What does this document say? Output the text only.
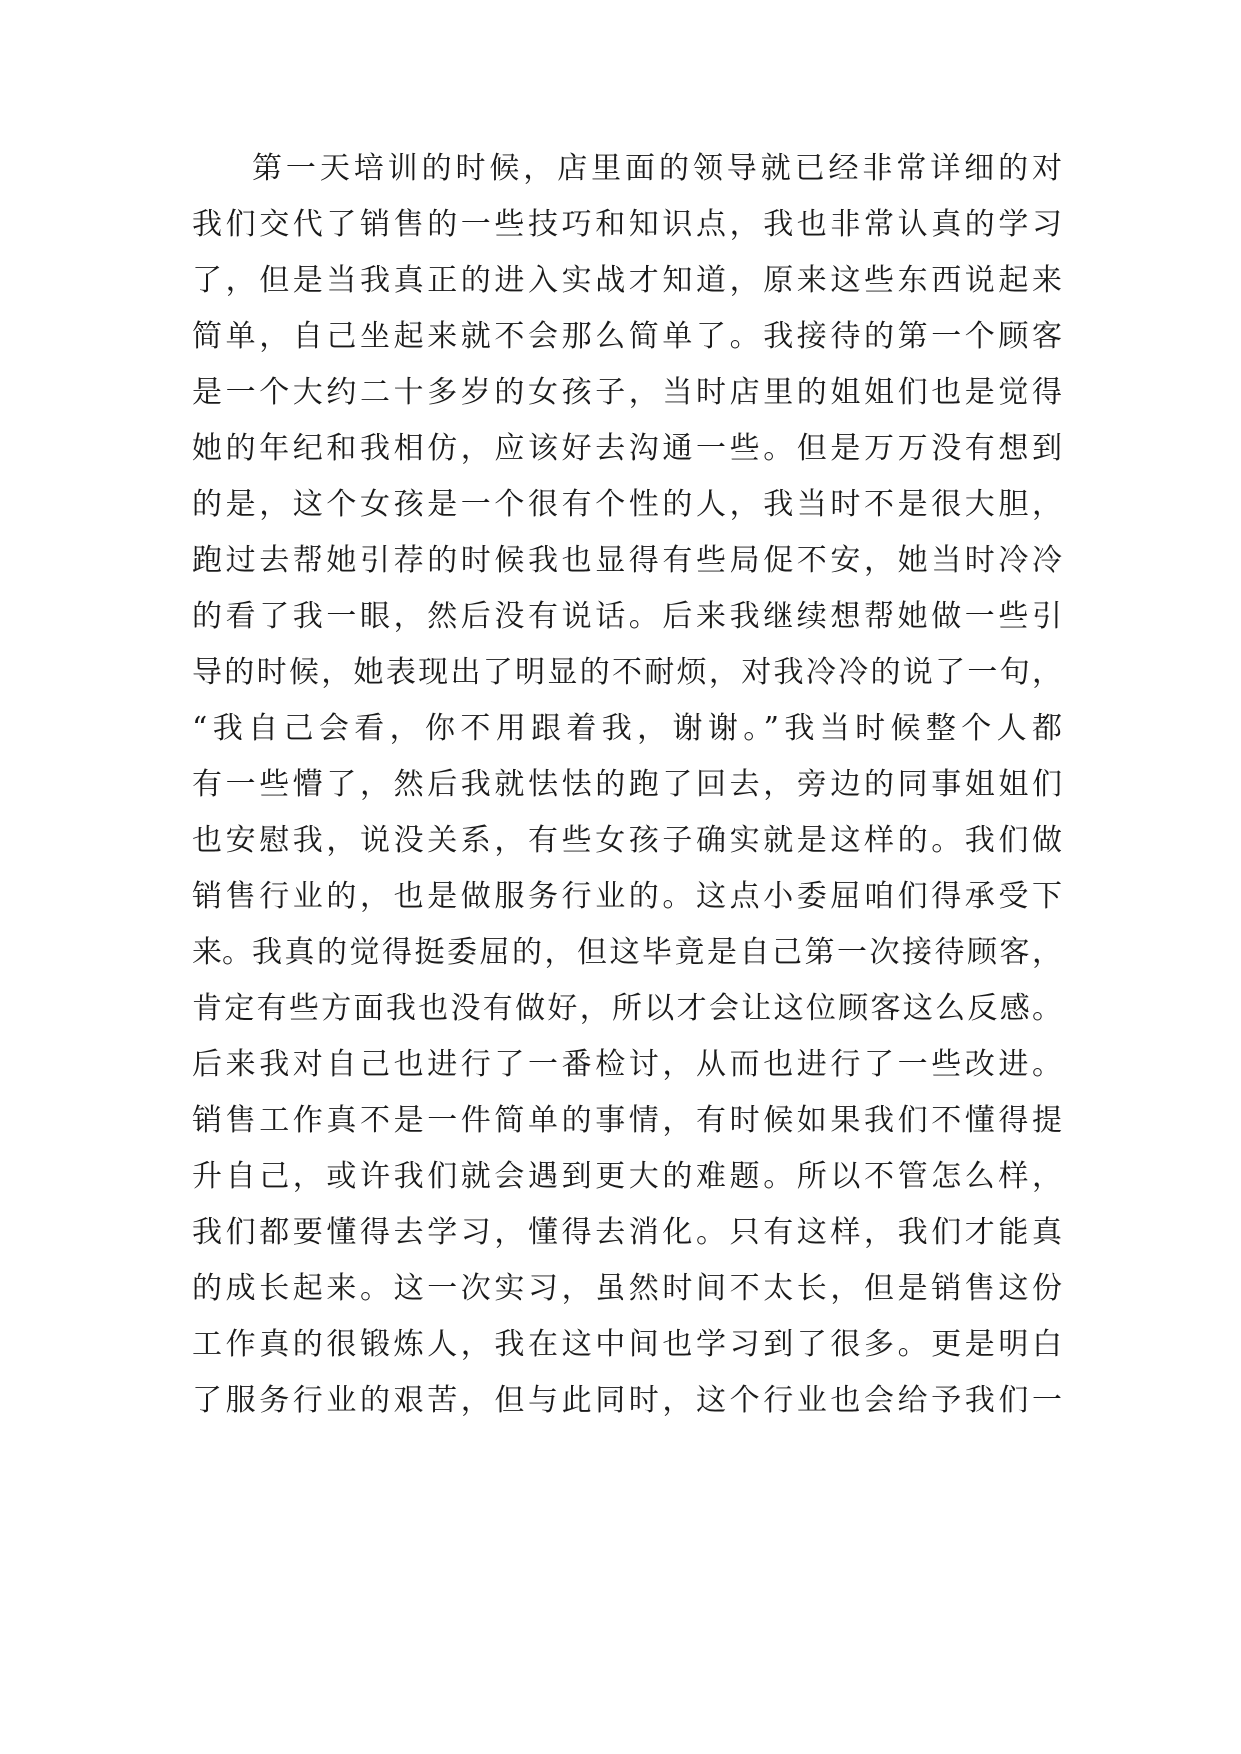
第一天培训的时候，店里面的领导就已经非常详细的对
我们交代了销售的一些技巧和知识点，我也非常认真的学习
了，但是当我真正的进入实战才知道，原来这些东西说起来
简单，自己坐起来就不会那么简单了。我接待的第一个顾客
是一个大约二十多岁的女孩子，当时店里的姐姐们也是觉得
她的年纪和我相仿，应该好去沟通一些。但是万万没有想到
的是，这个女孩是一个很有个性的人，我当时不是很大胆，
跑过去帮她引荐的时候我也显得有些局促不安，她当时冷冷
的看了我一眼，然后没有说话。后来我继续想帮她做一些引
导的时候，她表现出了明显的不耐烦，对我冷冷的说了一句，
“我自己会看，你不用跟着我，谢谢。”我当时候整个人都
有一些懵了，然后我就怯怯的跑了回去，旁边的同事姐姐们
也安慰我，说没关系，有些女孩子确实就是这样的。我们做
销售行业的，也是做服务行业的。这点小委屈咱们得承受下
来。 我真的觉得挺委屈的，但这毕竟是自己第一次接待顾客，
肯定有些方面我也没有做好，所以才会让这位顾客这么反感。
后来我对自己也进行了一番检讨，从而也进行了一些改进。
销售工作真不是一件简单的事情，有时候如果我们不懂得提
升自己，或许我们就会遇到更大的难题。所以不管怎么样，
我们都要懂得去学习，懂得去消化。只有这样，我们才能真
的成长起来。这一次实习，虽然时间不太长，但是销售这份
工作真的很锻炼人，我在这中间也学习到了很多。更是明白
了服务行业的艰苦，但与此同时，这个行业也会给予我们一
